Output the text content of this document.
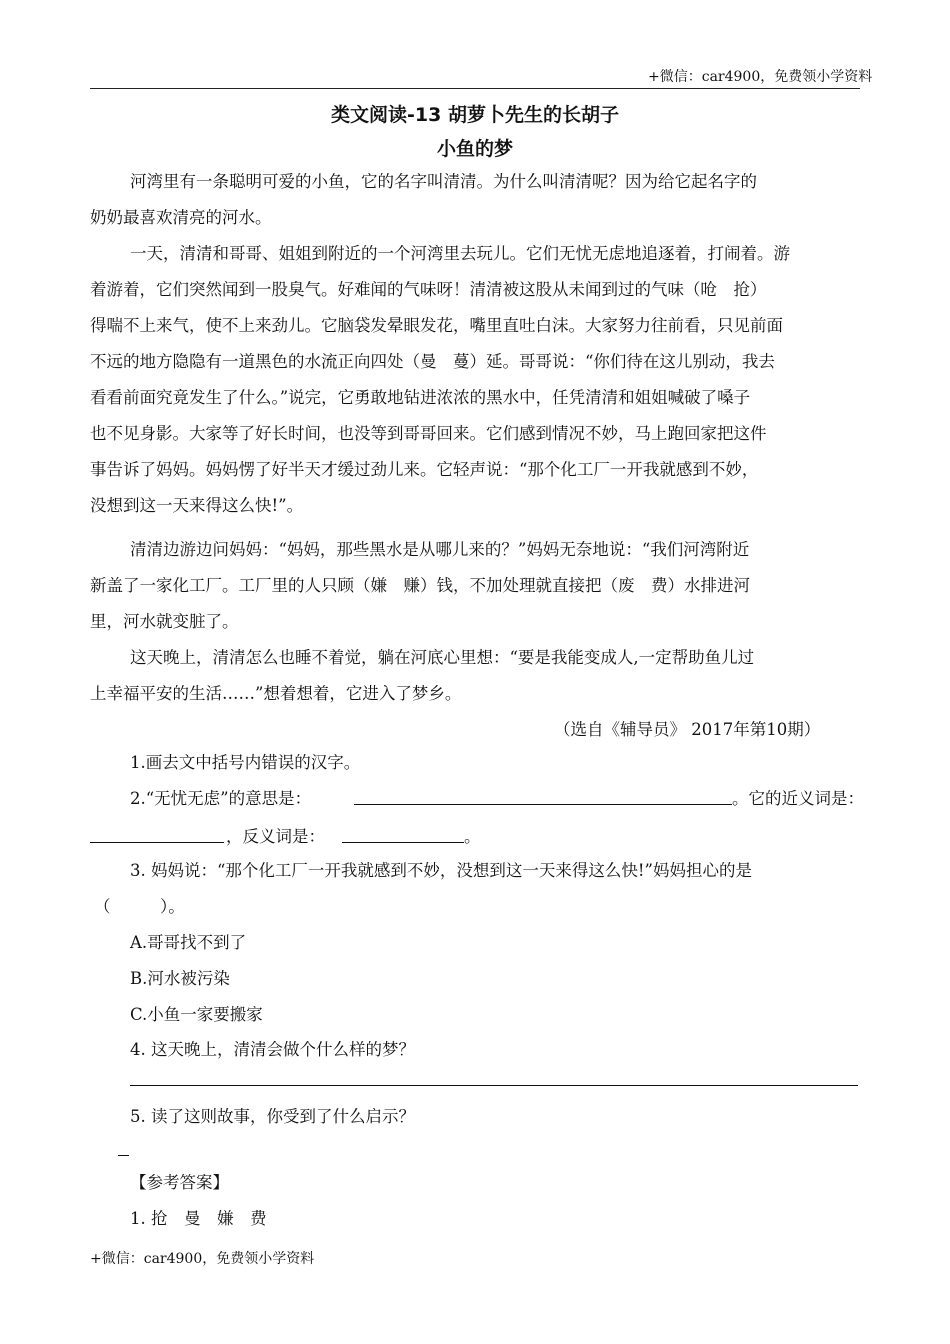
+微信：car4900，免费领小学资料
类文阅读-13 胡萝卜先生的长胡子
小鱼的梦
河湾里有一条聪明可爱的小鱼，它的名字叫清清。为什么叫清清呢？因为给它起名字的
奶奶最喜欢清亮的河水。
一天，清清和哥哥、姐姐到附近的一个河湾里去玩儿。它们无忧无虑地追逐着，打闹着。游
着游着，它们突然闻到一股臭气。好难闻的气味呀！清清被这股从未闻到过的气味（呛　抢）
得喘不上来气，使不上来劲儿。它脑袋发晕眼发花，嘴里直吐白沫。大家努力往前看，只见前面
不远的地方隐隐有一道黑色的水流正向四处（曼　蔓）延。哥哥说：“你们待在这儿别动，我去
看看前面究竟发生了什么。”说完，它勇敢地钻进浓浓的黑水中，任凭清清和姐姐喊破了嗓子
也不见身影。大家等了好长时间，也没等到哥哥回来。它们感到情况不妙，马上跑回家把这件
事告诉了妈妈。妈妈愣了好半天才缓过劲儿来。它轻声说：“那个化工厂一开我就感到不妙，
没想到这一天来得这么快!”。
清清边游边问妈妈：“妈妈，那些黑水是从哪儿来的？”妈妈无奈地说：“我们河湾附近
新盖了一家化工厂。工厂里的人只顾（嫌　赚）钱，不加处理就直接把（废　费）水排进河
里，河水就变脏了。
这天晚上，清清怎么也睡不着觉，躺在河底心里想：“要是我能变成人,一定帮助鱼儿过
上幸福平安的生活……”想着想着，它进入了梦乡。
（选自《辅导员》 2017年第10期）
1.画去文中括号内错误的汉字。
2.“无忧无虑”的意思是：	。它的近义词是：
，反义词是：	。
3. 妈妈说：“那个化工厂一开我就感到不妙，没想到这一天来得这么快!”妈妈担心的是
（　　　）。
A.哥哥找不到了
B.河水被污染
C.小鱼一家要搬家
4. 这天晚上，清清会做个什么样的梦？
5. 读了这则故事，你受到了什么启示？
【参考答案】
1. 抢　曼　嫌　费
+微信：car4900，免费领小学资料
